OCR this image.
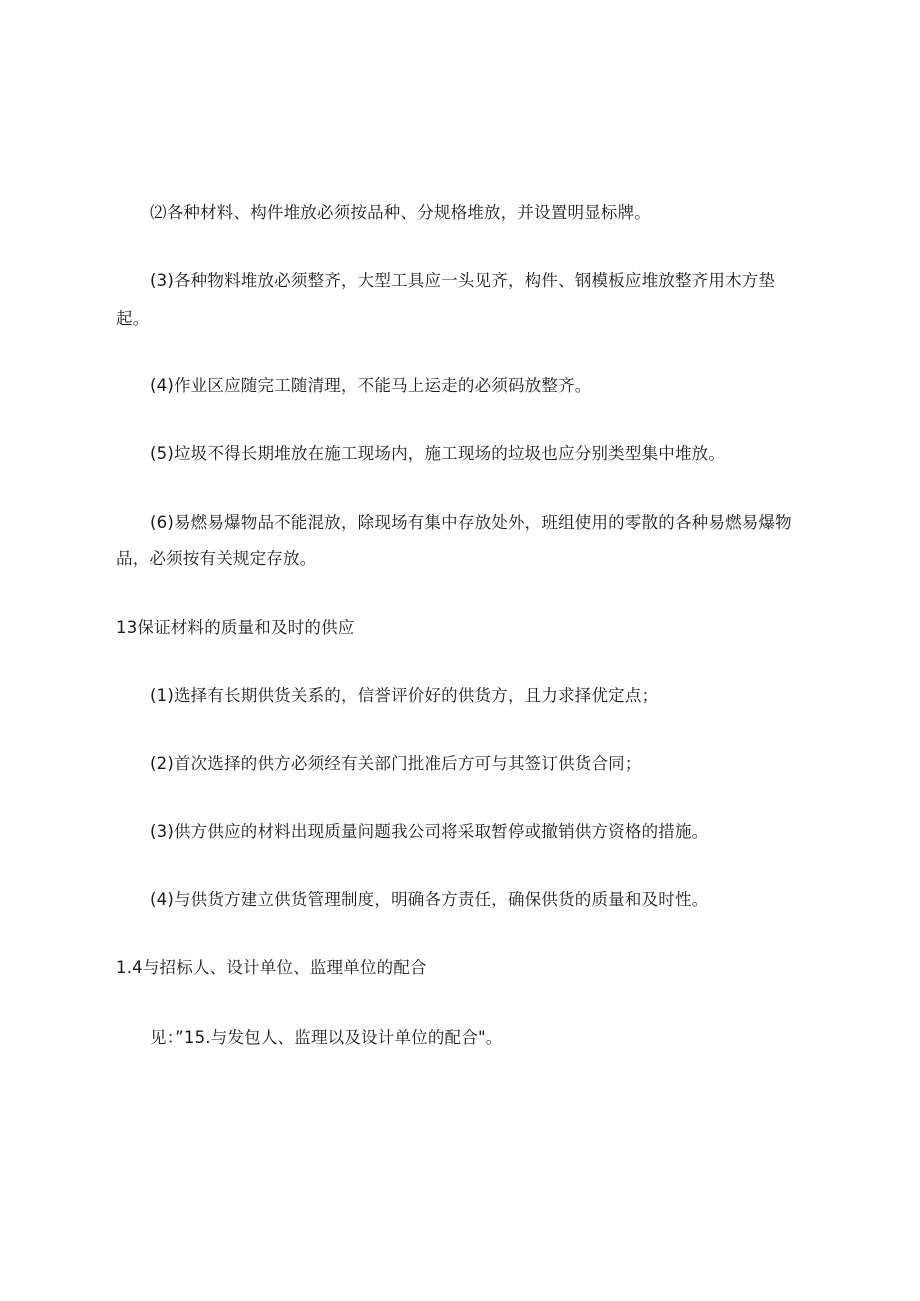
⑵各种材料、构件堆放必须按品种、分规格堆放，并设置明显标牌。
(3)各种物料堆放必须整齐，大型工具应一头见齐，构件、钢模板应堆放整齐用木方垫
起。
(4)作业区应随完工随清理，不能马上运走的必须码放整齐。
(5)垃圾不得长期堆放在施工现场内，施工现场的垃圾也应分别类型集中堆放。
(6)易燃易爆物品不能混放，除现场有集中存放处外，班组使用的零散的各种易燃易爆物
品，必须按有关规定存放。
13保证材料的质量和及时的供应
(1)选择有长期供货关系的，信誉评价好的供货方，且力求择优定点；
(2)首次选择的供方必须经有关部门批准后方可与其签订供货合同；
(3)供方供应的材料出现质量问题我公司将采取暂停或撤销供方资格的措施。
(4)与供货方建立供货管理制度，明确各方责任，确保供货的质量和及时性。
1.4与招标人、设计单位、监理单位的配合
见：”15.与发包人、监理以及设计单位的配合"。
